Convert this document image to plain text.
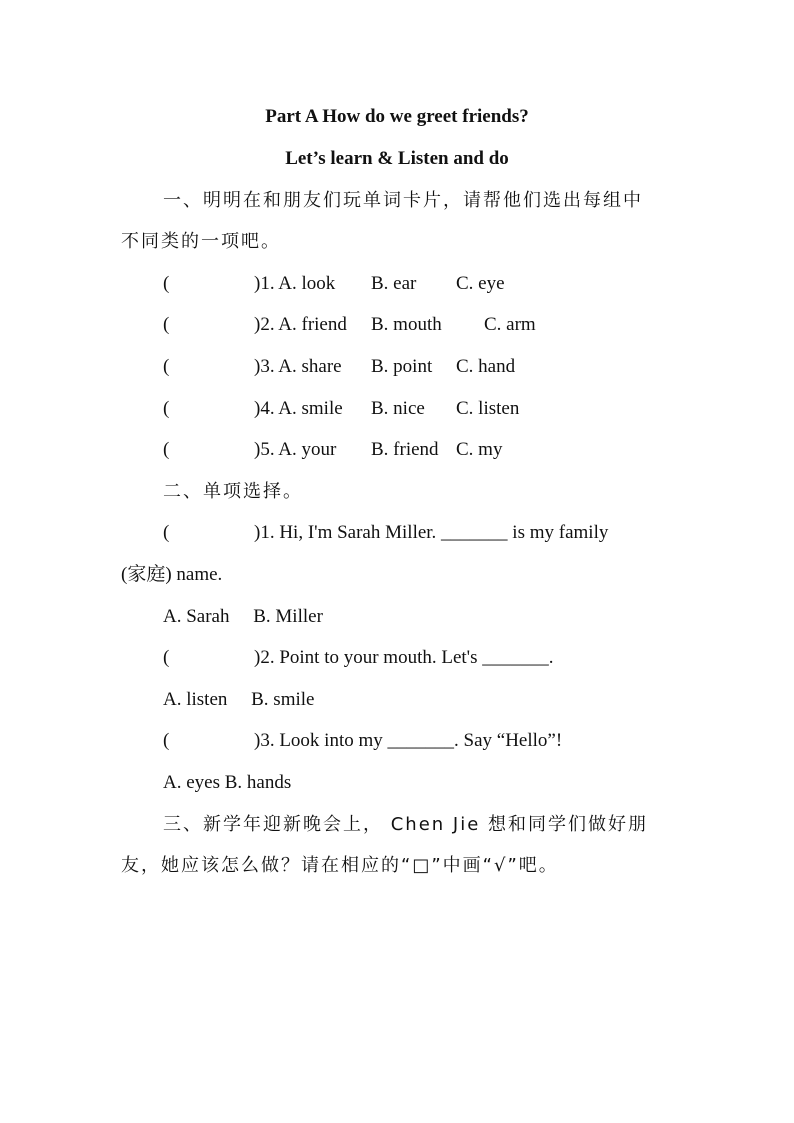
Part A How do we greet friends?
Let’s learn & Listen and do
一、明明在和朋友们玩单词卡片，请帮他们选出每组中
不同类的一项吧。
(	)1. A. look B. ear C. eye
(	)2. A. friend B. mouth C. arm
(	)3. A. share B. point C. hand
(	)4. A. smile B. nice C. listen
(	)5. A. your B. friend C. my
二、单项选择。
(	)1. Hi, I'm Sarah Miller. _______ is my family
(家庭) name.
A. Sarah     B. Miller
(	)2. Point to your mouth. Let's _______.
A. listen     B. smile
(	)3. Look into my _______. Say “Hello”!
A. eyes B. hands
三、新学年迎新晚会上， Chen Jie 想和同学们做好朋
友，她应该怎么做？请在相应的“□”中画“√”吧。
